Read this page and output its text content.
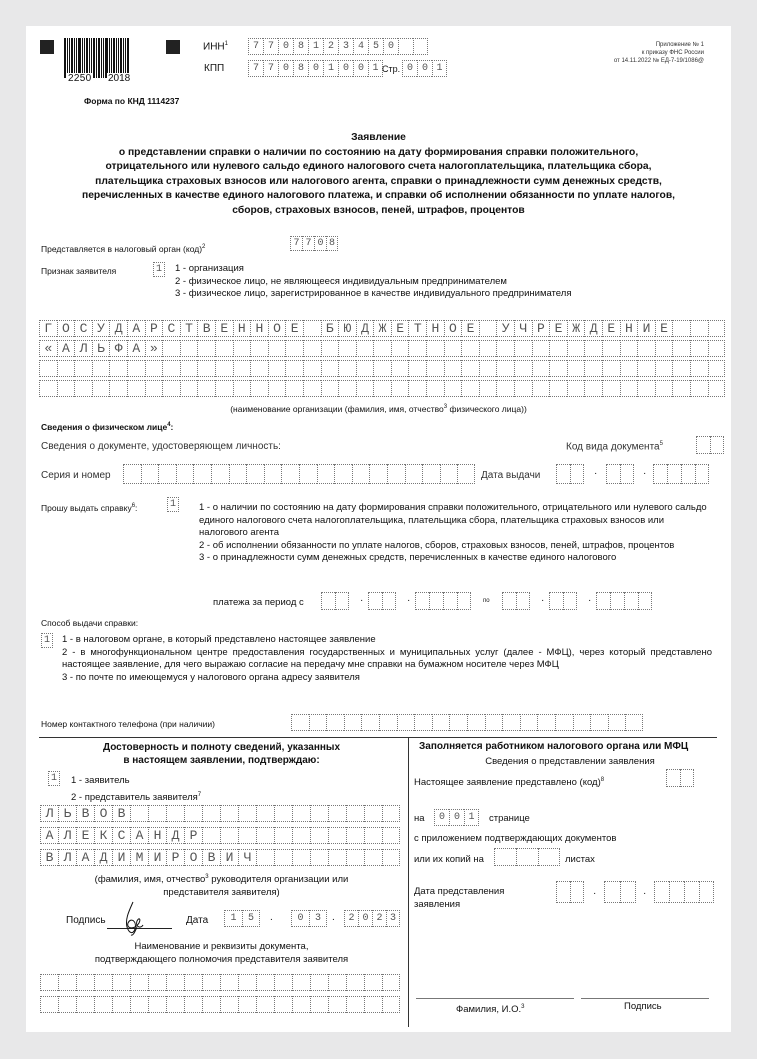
2250 2018
Форма по КНД 1114237
ИНН$^1$	7 7 0 8 1 2 3 4 5 0
КПП	7 7 0 8 0 1 0 0 1 Стр. 0 0 1
Приложение № 1
к приказу ФНС России
от 14.11.2022 № ЕД-7-19/1086@
Заявление
о представлении справки о наличии по состоянию на дату формирования справки положительного,
отрицательного или нулевого сальдо единого налогового счета налогоплательщика, плательщика сбора,
плательщика страховых взносов или налогового агента, справки о принадлежности сумм денежных средств,
перечисленных в качестве единого налогового платежа, и справки об исполнении обязанности по уплате налогов,
сборов, страховых взносов, пеней, штрафов, процентов
Представляется в налоговый орган (код)$^2$	7 7 0 8
Признак заявителя	1	1 - организация
2 - физическое лицо, не являющееся индивидуальным предпринимателем
3 - физическое лицо, зарегистрированное в качестве индивидуального предпринимателя
Г О С У Д А Р С Т В Е Н Н О Е	Б Ю Д Ж Е Т Н О Е	У Ч Р Е Ж Д Е Н И Е
« А Л Ь Ф А »
(наименование организации (фамилия, имя, отчество$^3$ физического лица))
Сведения о физическом лице$^4$:
Сведения о документе, удостоверяющем личность:	Код вида документа$^5$
Серия и номер	Дата выдачи	·	·
Прошу выдать справку$^6$:	1	1 - о наличии по состоянию на дату формирования справки положительного, отрицательного или нулевого сальдо единого налогового счета налогоплательщика, плательщика сбора, плательщика страховых взносов или налогового агента
2 - об исполнении обязанности по уплате налогов, сборов, страховых взносов, пеней, штрафов, процентов
3 - о принадлежности сумм денежных средств, перечисленных в качестве единого налогового
платежа за период с	·	·	по	·	·
Способ выдачи справки:
1	1 - в налоговом органе, в который представлено настоящее заявление
2 - в многофункциональном центре предоставления государственных и муниципальных услуг (далее - МФЦ), через который представлено настоящее заявление, для чего выражаю согласие на передачу мне справки на бумажном носителе через МФЦ
3 - по почте по имеющемуся у налогового органа адресу заявителя
Номер контактного телефона (при наличии)
Достоверность и полноту сведений, указанных
в настоящем заявлении, подтверждаю:
1	1 - заявитель
2 - представитель заявителя$^7$
Л Ь В О В
А Л Е К С А Н Д Р
В Л А Д И М И Р О В И Ч
(фамилия, имя, отчество$^3$ руководителя организации или
представителя заявителя)
Подпись	Дата	1	5	.	0	3	.	2 0 2 3
Наименование и реквизиты документа,
подтверждающего полномочия представителя заявителя
Заполняется работником налогового органа или МФЦ
Сведения о представлении заявления
Настоящее заявление представлено (код)$^8$
на	0 0 1	странице
с приложением подтверждающих документов
или их копий на	листах
Дата представления
заявления
·	·
Фамилия, И.О.$^3$	Подпись
